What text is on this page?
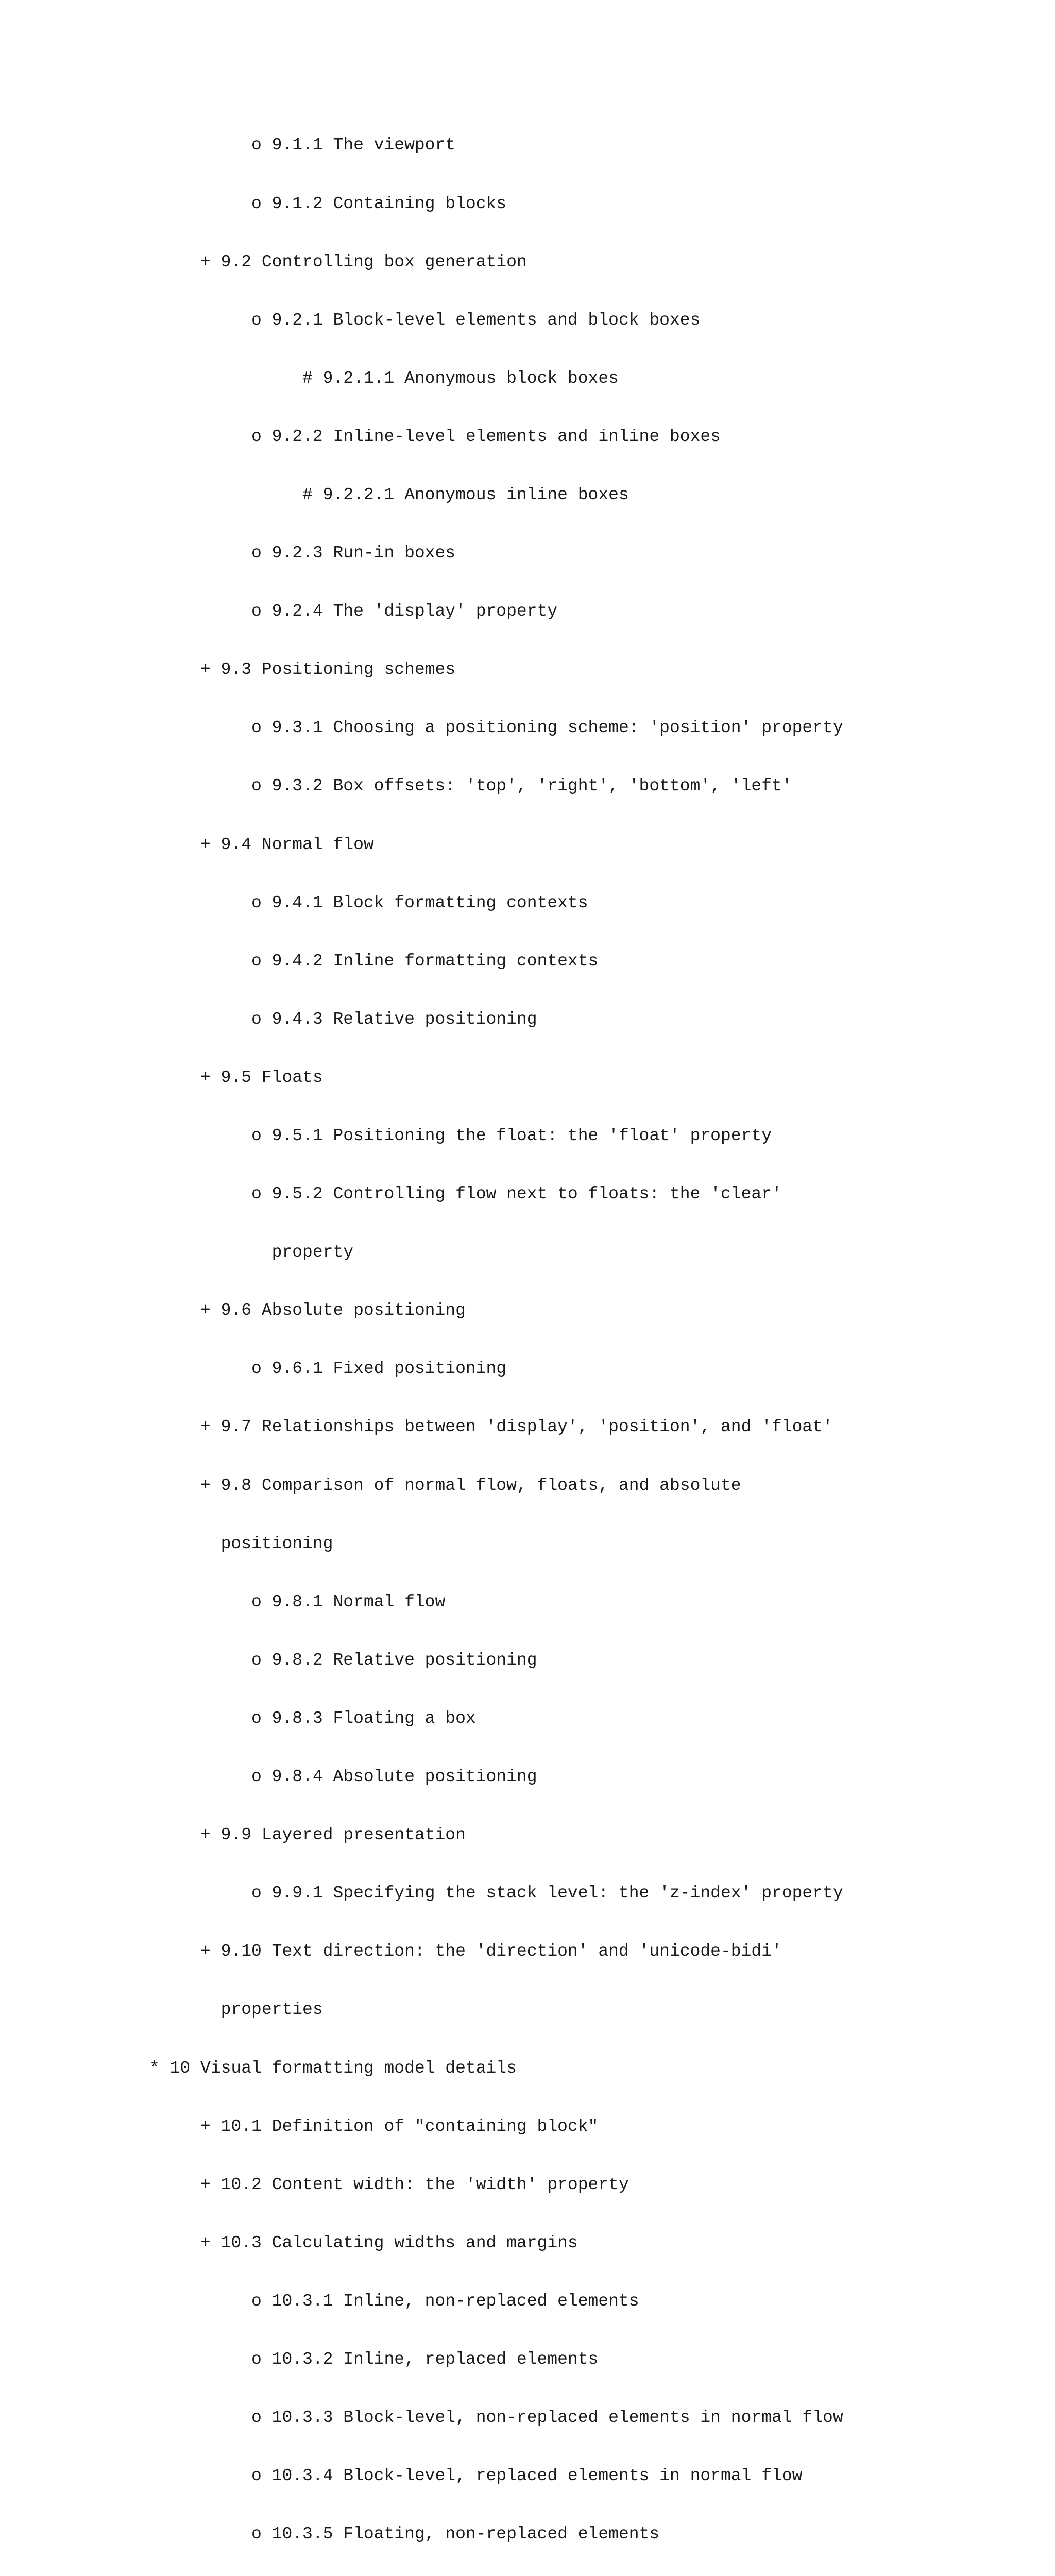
o 9.1.1 The viewport

o 9.1.2 Containing blocks

+ 9.2 Controlling box generation

o 9.2.1 Block-level elements and block boxes

# 9.2.1.1 Anonymous block boxes

o 9.2.2 Inline-level elements and inline boxes

# 9.2.2.1 Anonymous inline boxes

o 9.2.3 Run-in boxes

o 9.2.4 The 'display' property

+ 9.3 Positioning schemes

o 9.3.1 Choosing a positioning scheme: 'position' property

o 9.3.2 Box offsets: 'top', 'right', 'bottom', 'left'

+ 9.4 Normal flow

o 9.4.1 Block formatting contexts

o 9.4.2 Inline formatting contexts

o 9.4.3 Relative positioning

+ 9.5 Floats

o 9.5.1 Positioning the float: the 'float' property

o 9.5.2 Controlling flow next to floats: the 'clear'

property

+ 9.6 Absolute positioning

o 9.6.1 Fixed positioning

+ 9.7 Relationships between 'display', 'position', and 'float'

+ 9.8 Comparison of normal flow, floats, and absolute

positioning

o 9.8.1 Normal flow

o 9.8.2 Relative positioning

o 9.8.3 Floating a box

o 9.8.4 Absolute positioning

+ 9.9 Layered presentation

o 9.9.1 Specifying the stack level: the 'z-index' property

+ 9.10 Text direction: the 'direction' and 'unicode-bidi'

properties

* 10 Visual formatting model details

+ 10.1 Definition of "containing block"

+ 10.2 Content width: the 'width' property

+ 10.3 Calculating widths and margins

o 10.3.1 Inline, non-replaced elements

o 10.3.2 Inline, replaced elements

o 10.3.3 Block-level, non-replaced elements in normal flow

o 10.3.4 Block-level, replaced elements in normal flow

o 10.3.5 Floating, non-replaced elements
